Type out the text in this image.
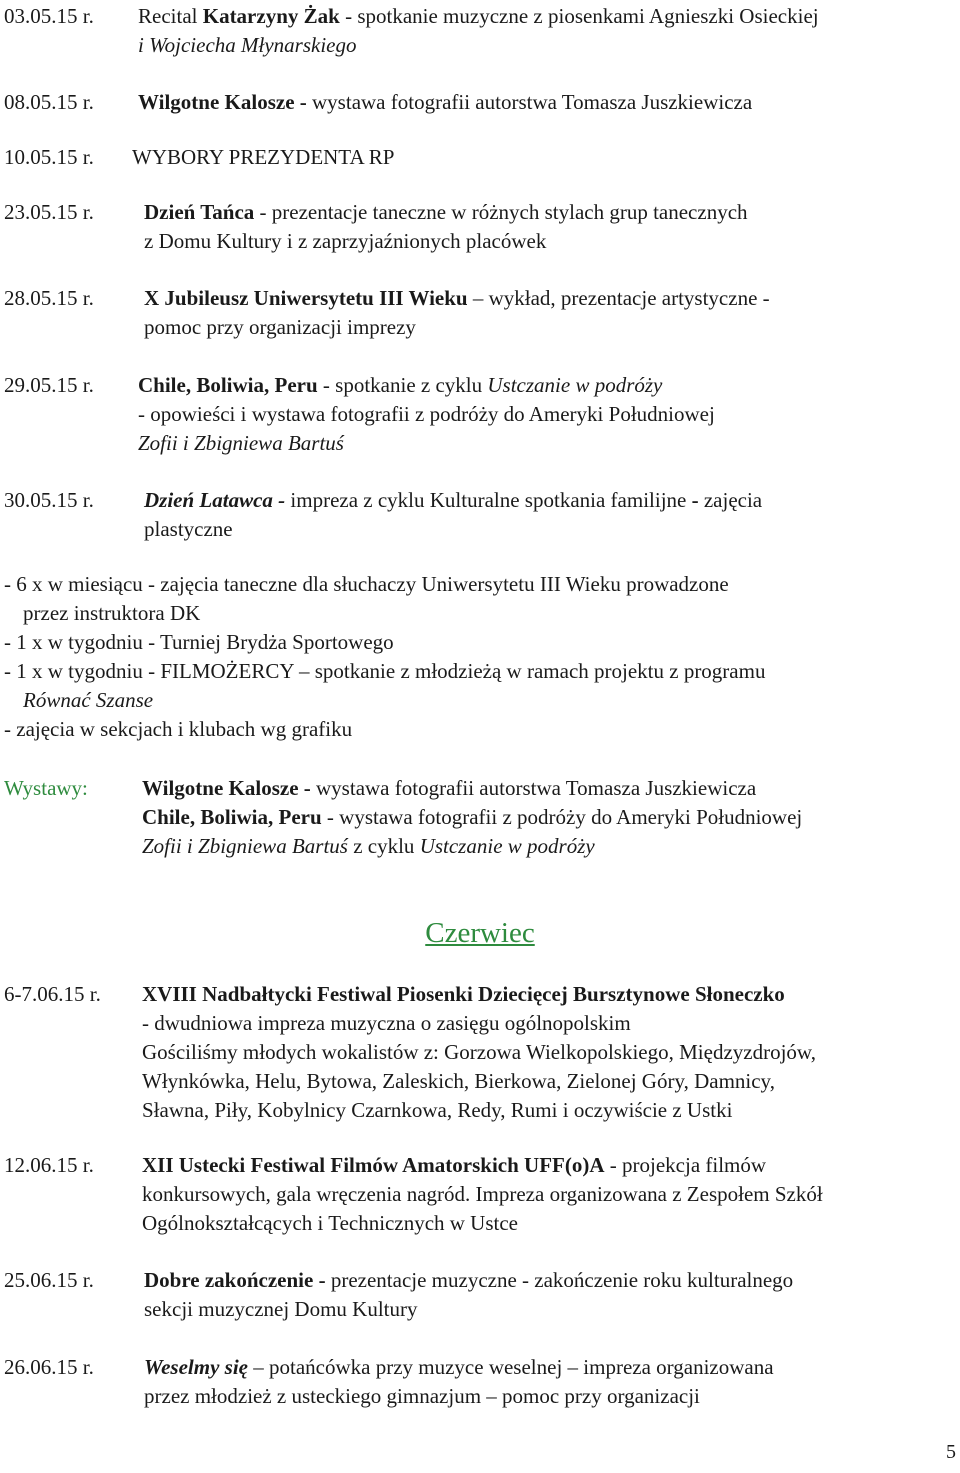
03.05.15 r. Recital Katarzyny Żak - spotkanie muzyczne z piosenkami Agnieszki Osieckiej
i Wojciecha Młynarskiego
08.05.15 r. Wilgotne Kalosze - wystawa fotografii autorstwa Tomasza Juszkiewicza
10.05.15 r. WYBORY PREZYDENTA RP
23.05.15 r. Dzień Tańca - prezentacje taneczne w różnych stylach grup tanecznych
z Domu Kultury i z zaprzyjaźnionych placówek
28.05.15 r. X Jubileusz Uniwersytetu III Wieku – wykład, prezentacje artystyczne -
pomoc przy organizacji imprezy
29.05.15 r. Chile, Boliwia, Peru - spotkanie z cyklu Ustczanie w podróży
- opowieści i wystawa fotografii z podróży do Ameryki Południowej
Zofii i Zbigniewa Bartuś
30.05.15 r. Dzień Latawca - impreza z cyklu Kulturalne spotkania familijne - zajęcia
plastyczne
- 6 x w miesiącu - zajęcia taneczne dla słuchaczy Uniwersytetu III Wieku prowadzone
przez instruktora DK
- 1 x w tygodniu - Turniej Brydża Sportowego
- 1 x w tygodniu - FILMOŻERCY – spotkanie z młodzieżą w ramach projektu z programu
Równać Szanse
- zajęcia w sekcjach i klubach wg grafiku
Wystawy:	Wilgotne Kalosze - wystawa fotografii autorstwa Tomasza Juszkiewicza
Chile, Boliwia, Peru - wystawa fotografii z podróży do Ameryki Południowej
Zofii i Zbigniewa Bartuś z cyklu Ustczanie w podróży
Czerwiec
6-7.06.15 r. XVIII Nadbałtycki Festiwal Piosenki Dziecięcej Bursztynowe Słoneczko
- dwudniowa impreza muzyczna o zasięgu ogólnopolskim
Gościliśmy młodych wokalistów z: Gorzowa Wielkopolskiego, Międzyzdrojów,
Włynkówka, Helu, Bytowa, Zaleskich, Bierkowa, Zielonej Góry, Damnicy,
Sławna, Piły, Kobylnicy Czarnkowa, Redy, Rumi i oczywiście z Ustki
12.06.15 r. XII Ustecki Festiwal Filmów Amatorskich UFF(o)A - projekcja filmów
konkursowych, gala wręczenia nagród. Impreza organizowana z Zespołem Szkół
Ogólnokształcących i Technicznych w Ustce
25.06.15 r. Dobre zakończenie - prezentacje muzyczne - zakończenie roku kulturalnego
sekcji muzycznej Domu Kultury
26.06.15 r. Weselmy się – potańcówka przy muzyce weselnej – impreza organizowana
przez młodzież z usteckiego gimnazjum – pomoc przy organizacji
5
